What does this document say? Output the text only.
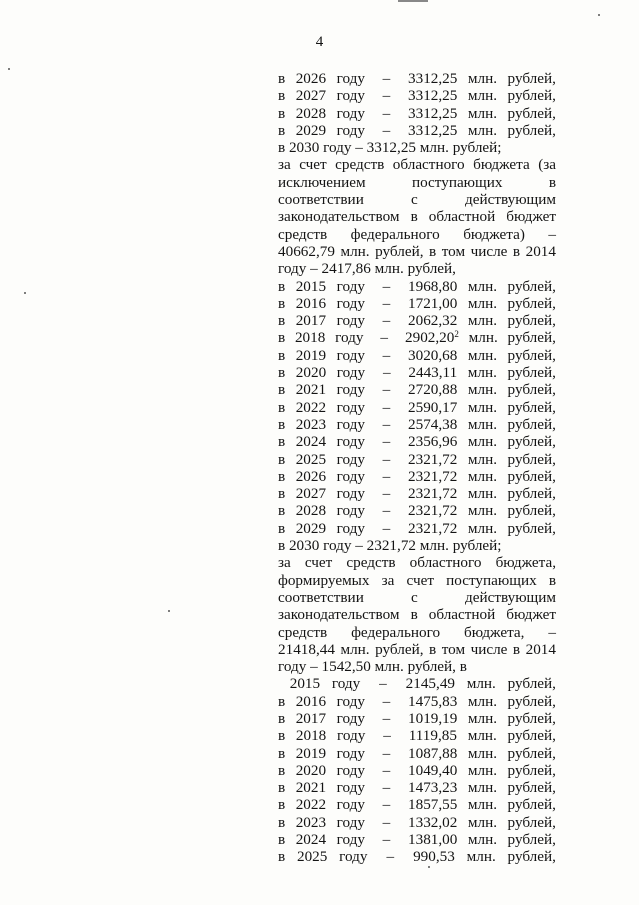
4
в 2026 году	–	3312,25 млн. рублей,
в 2027 году	–	3312,25 млн. рублей,
в 2028 году	–	3312,25 млн. рублей,
в 2029 году	–	3312,25 млн. рублей,
в 2030 году – 3312,25 млн. рублей;
за счет средств областного бюджета (за исключением поступающих в соответствии с действующим законодательством в областной бюджет средств федерального бюджета) – 40662,79 млн. рублей, в том числе в 2014 году – 2417,86 млн. рублей,
в 2015 году	–	1968,80 млн. рублей,
в 2016 году	–	1721,00 млн. рублей,
в 2017 году	–	2062,32 млн. рублей,
в 2018 году	–	2902,20$^2$ млн. рублей,
в 2019 году	–	3020,68 млн. рублей,
в 2020 году	–	2443,11 млн. рублей,
в 2021 году	–	2720,88 млн. рублей,
в 2022 году	–	2590,17 млн. рублей,
в 2023 году	–	2574,38 млн. рублей,
в 2024 году	–	2356,96 млн. рублей,
в 2025 году	–	2321,72 млн. рублей,
в 2026 году	–	2321,72 млн. рублей,
в 2027 году	–	2321,72 млн. рублей,
в 2028 году	–	2321,72 млн. рублей,
в 2029 году	–	2321,72 млн. рублей,
в 2030 году – 2321,72 млн. рублей;
за счет средств областного бюджета, формируемых за счет поступающих в соответствии с действующим законодательством в областной бюджет средств федерального бюджета, – 21418,44 млн. рублей, в том числе в 2014 году – 1542,50 млн. рублей, в
2015 году	–	2145,49 млн. рублей,
в 2016 году	–	1475,83 млн. рублей,
в 2017 году	–	1019,19 млн. рублей,
в 2018 году	–	1119,85 млн. рублей,
в 2019 году	–	1087,88 млн. рублей,
в 2020 году	–	1049,40 млн. рублей,
в 2021 году	–	1473,23 млн. рублей,
в 2022 году	–	1857,55 млн. рублей,
в 2023 году	–	1332,02 млн. рублей,
в 2024 году	–	1381,00 млн. рублей,
в 2025 году	–	990,53 млн. рублей,
